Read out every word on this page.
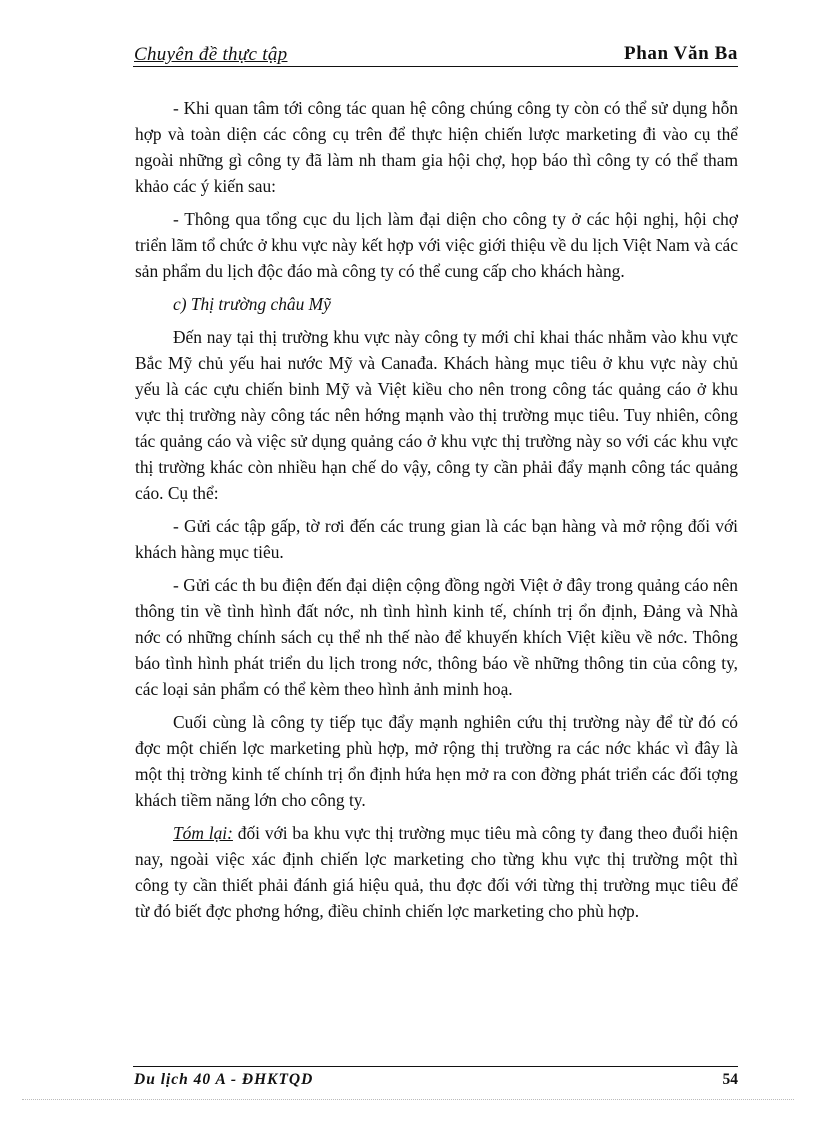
Chuyên đề thực tập	Phan Văn Ba

- Khi quan tâm tới công tác quan hệ công chúng công ty còn có thể sử dụng hỗn hợp và toàn diện các công cụ trên để thực hiện chiến lược marketing đi vào cụ thể ngoài những gì công ty đã làm nh tham gia hội chợ, họp báo thì công ty có thể tham khảo các ý kiến sau:

- Thông qua tổng cục du lịch làm đại diện cho công ty ở các hội nghị, hội chợ triển lãm tổ chức ở khu vực này kết hợp với việc giới thiệu về du lịch Việt Nam và các sản phẩm du lịch độc đáo mà công ty có thể cung cấp cho khách hàng.

c) Thị trường châu Mỹ

Đến nay tại thị trường khu vực này công ty mới chỉ khai thác nhằm vào khu vực Bắc Mỹ chủ yếu hai nước Mỹ và Canađa. Khách hàng mục tiêu ở khu vực này chủ yếu là các cựu chiến binh Mỹ và Việt kiều cho nên trong công tác quảng cáo ở khu vực thị trường này công tác nên hớng mạnh vào thị trường mục tiêu. Tuy nhiên, công tác quảng cáo và việc sử dụng quảng cáo ở khu vực thị trường này so với các khu vực thị trường khác còn nhiều hạn chế do vậy, công ty cần phải đẩy mạnh công tác quảng cáo. Cụ thể:

- Gửi các tập gấp, tờ rơi đến các trung gian là các bạn hàng và mở rộng đối với khách hàng mục tiêu.

- Gửi các th bu điện đến đại diện cộng đồng ngời Việt ở đây trong quảng cáo nên thông tin về tình hình đất nớc, nh tình hình kinh tế, chính trị ổn định, Đảng và Nhà nớc có những chính sách cụ thể nh thế nào để khuyến khích Việt kiều về nớc. Thông báo tình hình phát triển du lịch trong nớc, thông báo về những thông tin của công ty, các loại sản phẩm có thể kèm theo hình ảnh minh hoạ.

Cuối cùng là công ty tiếp tục đẩy mạnh nghiên cứu thị trường này để từ đó có đợc một chiến lợc marketing phù hợp, mở rộng thị trường ra các nớc khác vì đây là một thị trờng kinh tế chính trị ổn định hứa hẹn mở ra con đờng phát triển các đối tợng khách tiềm năng lớn cho công ty.

Tóm lại: đối với ba khu vực thị trường mục tiêu mà công ty đang theo đuổi hiện nay, ngoài việc xác định chiến lợc marketing cho từng khu vực thị trường một thì công ty cần thiết phải đánh giá hiệu quả, thu đợc đối với từng thị trường mục tiêu để từ đó biết đợc phơng hớng, điều chỉnh chiến lợc marketing cho phù hợp.

Du lịch 40 A - ĐHKTQD	54
